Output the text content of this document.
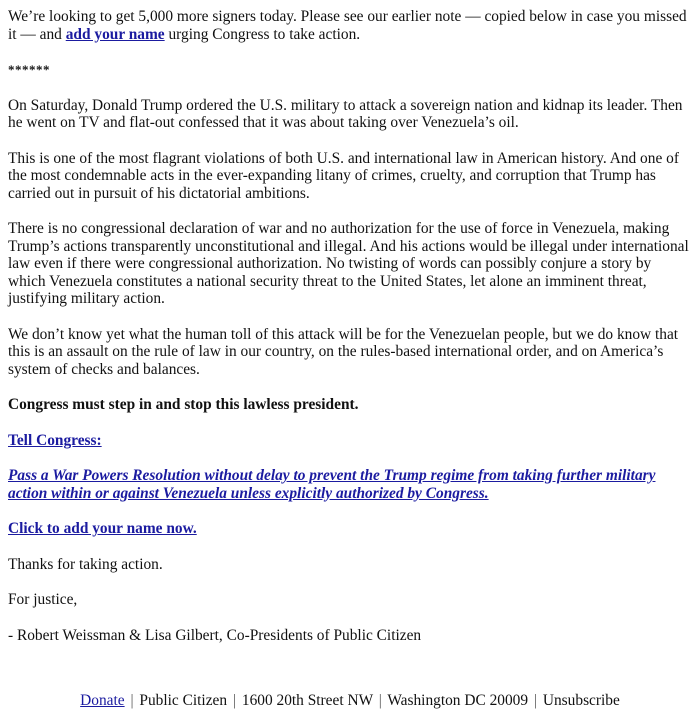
We’re looking to get 5,000 more signers today. Please see our earlier note — copied below in case you missed it — and add your name urging Congress to take action.

******

On Saturday, Donald Trump ordered the U.S. military to attack a sovereign nation and kidnap its leader. Then he went on TV and flat-out confessed that it was about taking over Venezuela’s oil.

This is one of the most flagrant violations of both U.S. and international law in American history. And one of the most condemnable acts in the ever-expanding litany of crimes, cruelty, and corruption that Trump has carried out in pursuit of his dictatorial ambitions.

There is no congressional declaration of war and no authorization for the use of force in Venezuela, making Trump’s actions transparently unconstitutional and illegal. And his actions would be illegal under international law even if there were congressional authorization. No twisting of words can possibly conjure a story by which Venezuela constitutes a national security threat to the United States, let alone an imminent threat, justifying military action.

We don’t know yet what the human toll of this attack will be for the Venezuelan people, but we do know that this is an assault on the rule of law in our country, on the rules-based international order, and on America’s system of checks and balances.

Congress must step in and stop this lawless president.

Tell Congress:

Pass a War Powers Resolution without delay to prevent the Trump regime from taking further military action within or against Venezuela unless explicitly authorized by Congress.

Click to add your name now.

Thanks for taking action.

For justice,

- Robert Weissman & Lisa Gilbert, Co-Presidents of Public Citizen

Donate | Public Citizen | 1600 20th Street NW | Washington DC 20009 | Unsubscribe
